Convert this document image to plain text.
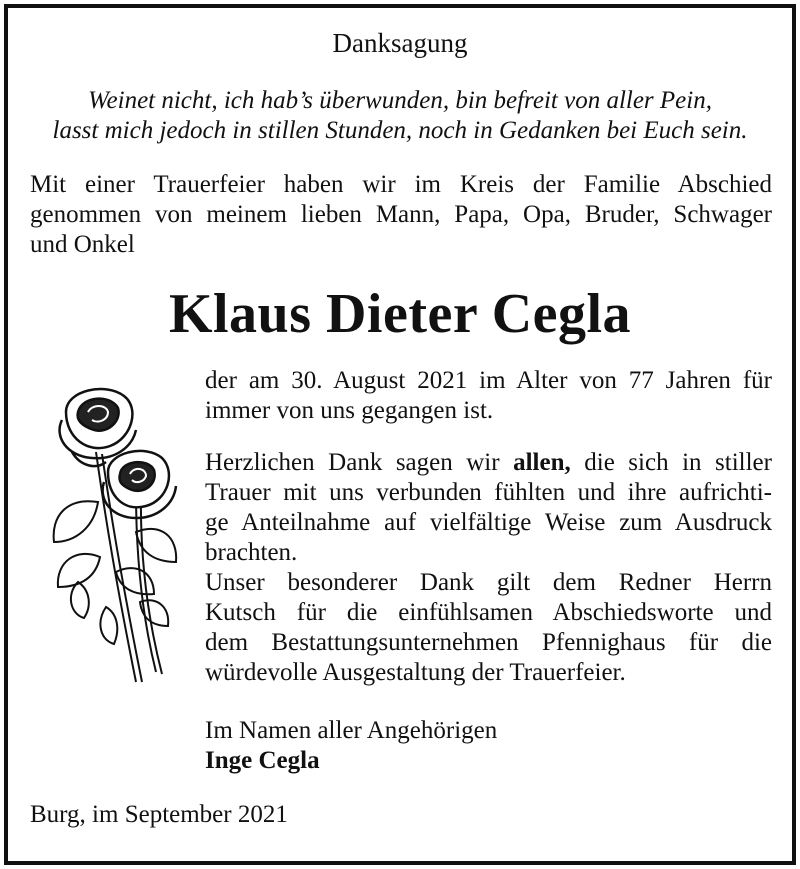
Danksagung
Weinet nicht, ich hab’s überwunden, bin befreit von aller Pein,
lasst mich jedoch in stillen Stunden, noch in Gedanken bei Euch sein.
Mit einer Trauerfeier haben wir im Kreis der Familie Abschied
genommen von meinem lieben Mann, Papa, Opa, Bruder, Schwager
und Onkel
Klaus Dieter Cegla
der am 30. August 2021 im Alter von 77 Jahren für
immer von uns gegangen ist.
Herzlichen Dank sagen wir allen, die sich in stiller
Trauer mit uns verbunden fühlten und ihre aufrichti-
ge Anteilnahme auf vielfältige Weise zum Ausdruck
brachten.
Unser besonderer Dank gilt dem Redner Herrn
Kutsch für die einfühlsamen Abschiedsworte und
dem Bestattungsunternehmen Pfennighaus für die
würdevolle Ausgestaltung der Trauerfeier.
Im Namen aller Angehörigen
Inge Cegla
Burg, im September 2021
